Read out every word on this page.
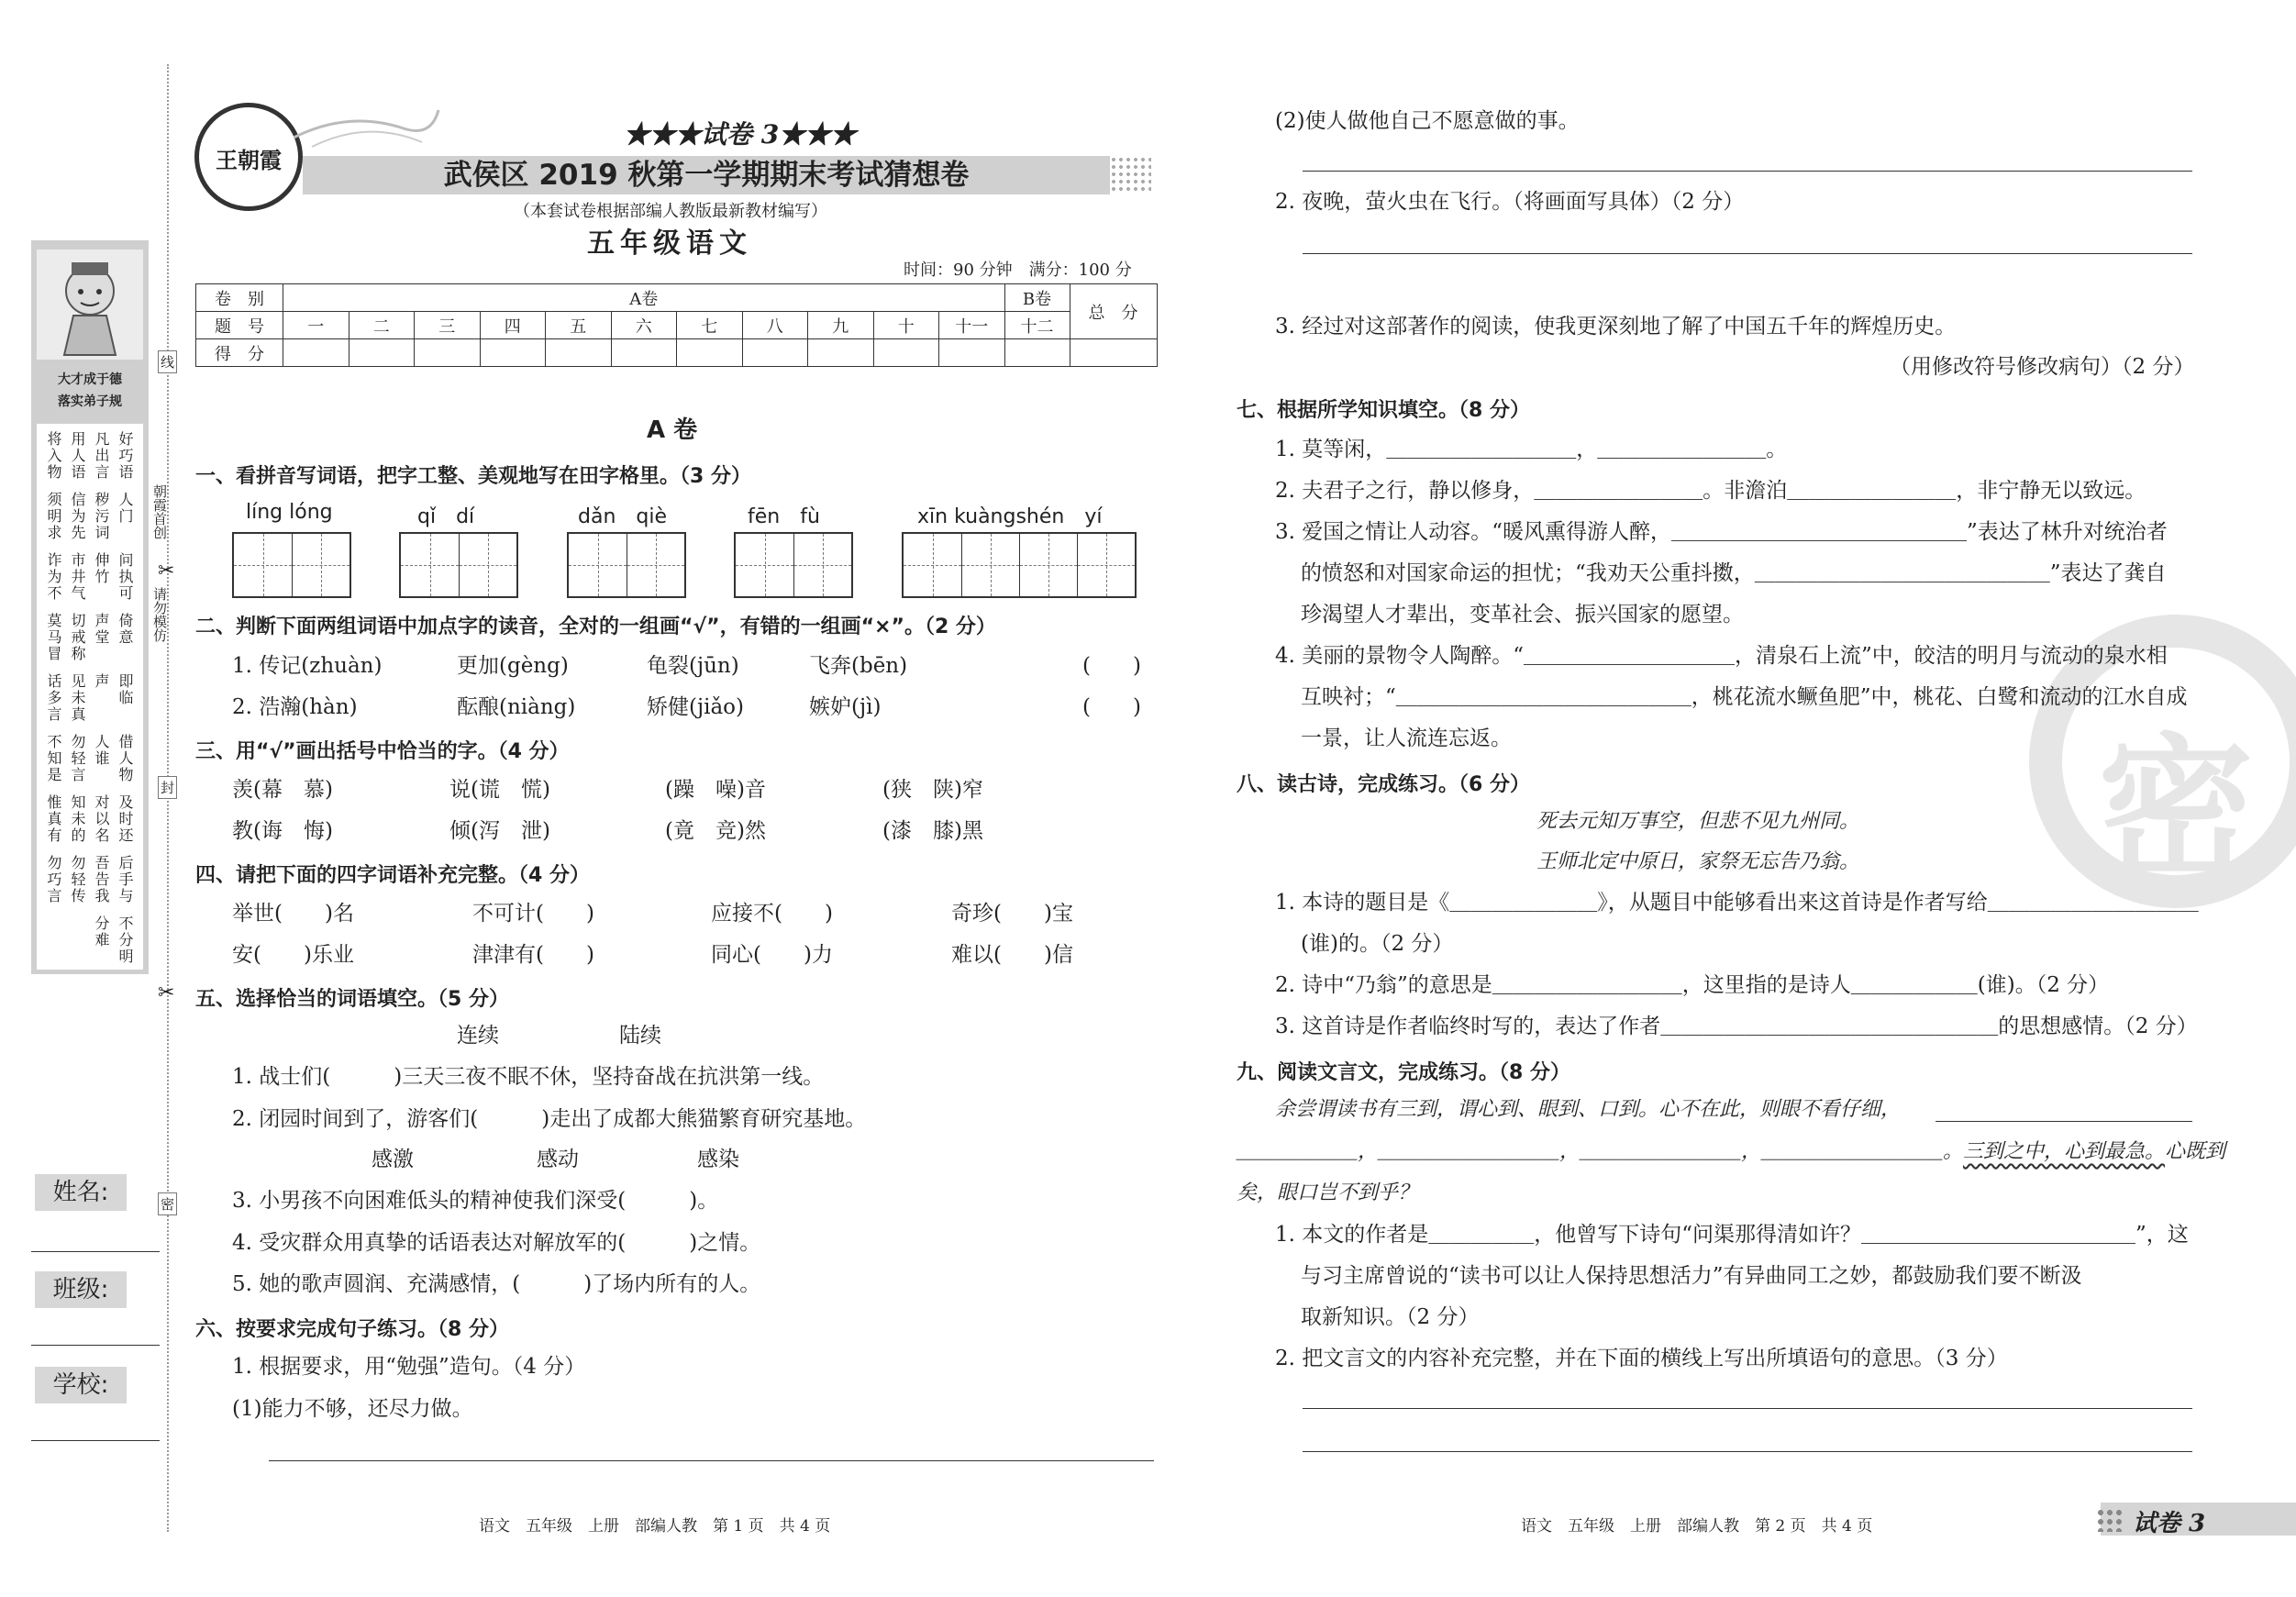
大才成于德
落实弟子规
好巧语
凡出言
用人语
将入物
人门
秽污词
信为先
须明求
问执可
伸竹
市井气
诈为不
倚意
声堂
切戒称
莫马冒
即临
声
见未真
话多言
借人物
人谁
勿轻言
不知是
及时还
对以名
知未的
惟真有
后手与
吾告我
勿轻传
勿巧言
不分明
分难
线
朝霞首创
请勿模仿
封
密
✂
✂
姓名:
班级:
学校:
王朝霞
★★★试卷 3★★★
武侯区 2019 秋第一学期期末考试猜想卷
（本套试卷根据部编人教版最新教材编写）
五年级语文
时间：90 分钟　满分：100 分
卷　别	A卷											B卷	总　分
题　号	一	二	三	四	五	六	七	八	九	十	十一	十二	
得　分													
A 卷
一、看拼音写词语，把字工整、美观地写在田字格里。（3 分）
líng lóng	qǐ　dí	dǎn　qiè	fēn　fù	xīn kuàngshén　yí
二、判断下面两组词语中加点字的读音，全对的一组画“√”，有错的一组画“×”。（2 分）
1. 传记(zhuàn)	更加(gèng)	龟裂(jūn)	飞奔(bēn)	(　　)
2. 浩瀚(hàn)	酝酿(niàng)	矫健(jiǎo)	嫉妒(jì)	(　　)
三、用“√”画出括号中恰当的字。（4 分）
羡(幕　慕)	说(谎　慌)	(躁　噪)音	(狭　陕)窄
教(诲　悔)	倾(泻　泄)	(竟　竞)然	(漆　膝)黑
四、请把下面的四字词语补充完整。（4 分）
举世(　　)名	不可计(　　)	应接不(　　)	奇珍(　　)宝
安(　　)乐业	津津有(　　)	同心(　　)力	难以(　　)信
五、选择恰当的词语填空。（5 分）
连续	陆续
1. 战士们(　　　)三天三夜不眠不休，坚持奋战在抗洪第一线。
2. 闭园时间到了，游客们(　　　)走出了成都大熊猫繁育研究基地。
感激	感动	感染
3. 小男孩不向困难低头的精神使我们深受(　　　)。
4. 受灾群众用真挚的话语表达对解放军的(　　　)之情。
5. 她的歌声圆润、充满感情，(　　　)了场内所有的人。
六、按要求完成句子练习。（8 分）
1. 根据要求，用“勉强”造句。（4 分）
(1)能力不够，还尽力做。
语文　五年级　上册　部编人教　第 1 页　共 4 页
密
(2)使人做他自己不愿意做的事。
2. 夜晚，萤火虫在飞行。（将画面写具体）（2 分）
3. 经过对这部著作的阅读，使我更深刻地了解了中国五千年的辉煌历史。
（用修改符号修改病句）（2 分）
七、根据所学知识填空。（8 分）
1. 莫等闲，＿＿＿＿＿＿＿＿＿，＿＿＿＿＿＿＿＿。
2. 夫君子之行，静以修身，＿＿＿＿＿＿＿＿。非澹泊＿＿＿＿＿＿＿＿，非宁静无以致远。
3. 爱国之情让人动容。“暖风熏得游人醉，＿＿＿＿＿＿＿＿＿＿＿＿＿＿”表达了林升对统治者
的愤怒和对国家命运的担忧；“我劝天公重抖擞，＿＿＿＿＿＿＿＿＿＿＿＿＿＿”表达了龚自
珍渴望人才辈出，变革社会、振兴国家的愿望。
4. 美丽的景物令人陶醉。“＿＿＿＿＿＿＿＿＿＿，清泉石上流”中，皎洁的明月与流动的泉水相
互映衬；“＿＿＿＿＿＿＿＿＿＿＿＿＿＿，桃花流水鳜鱼肥”中，桃花、白鹭和流动的江水自成
一景，让人流连忘返。
八、读古诗，完成练习。（6 分）
死去元知万事空，但悲不见九州同。
王师北定中原日，家祭无忘告乃翁。
1. 本诗的题目是《＿＿＿＿＿＿＿》，从题目中能够看出来这首诗是作者写给＿＿＿＿＿＿＿＿＿＿
(谁)的。（2 分）
2. 诗中“乃翁”的意思是＿＿＿＿＿＿＿＿＿，这里指的是诗人＿＿＿＿＿＿(谁)。（2 分）
3. 这首诗是作者临终时写的，表达了作者＿＿＿＿＿＿＿＿＿＿＿＿＿＿＿＿的思想感情。（2 分）
九、阅读文言文，完成练习。（8 分）
余尝谓读书有三到，谓心到、眼到、口到。心不在此，则眼不看仔细，
＿＿＿＿＿＿，＿＿＿＿＿＿＿＿＿，＿＿＿＿＿＿＿＿，＿＿＿＿＿＿＿＿＿。三到之中，心到最急。心既到
矣，眼口岂不到乎？
1. 本文的作者是＿＿＿＿＿，他曾写下诗句“问渠那得清如许？＿＿＿＿＿＿＿＿＿＿＿＿＿”，这
与习主席曾说的“读书可以让人保持思想活力”有异曲同工之妙，都鼓励我们要不断汲
取新知识。（2 分）
2. 把文言文的内容补充完整，并在下面的横线上写出所填语句的意思。（3 分）
语文　五年级　上册　部编人教　第 2 页　共 4 页	试卷 3
